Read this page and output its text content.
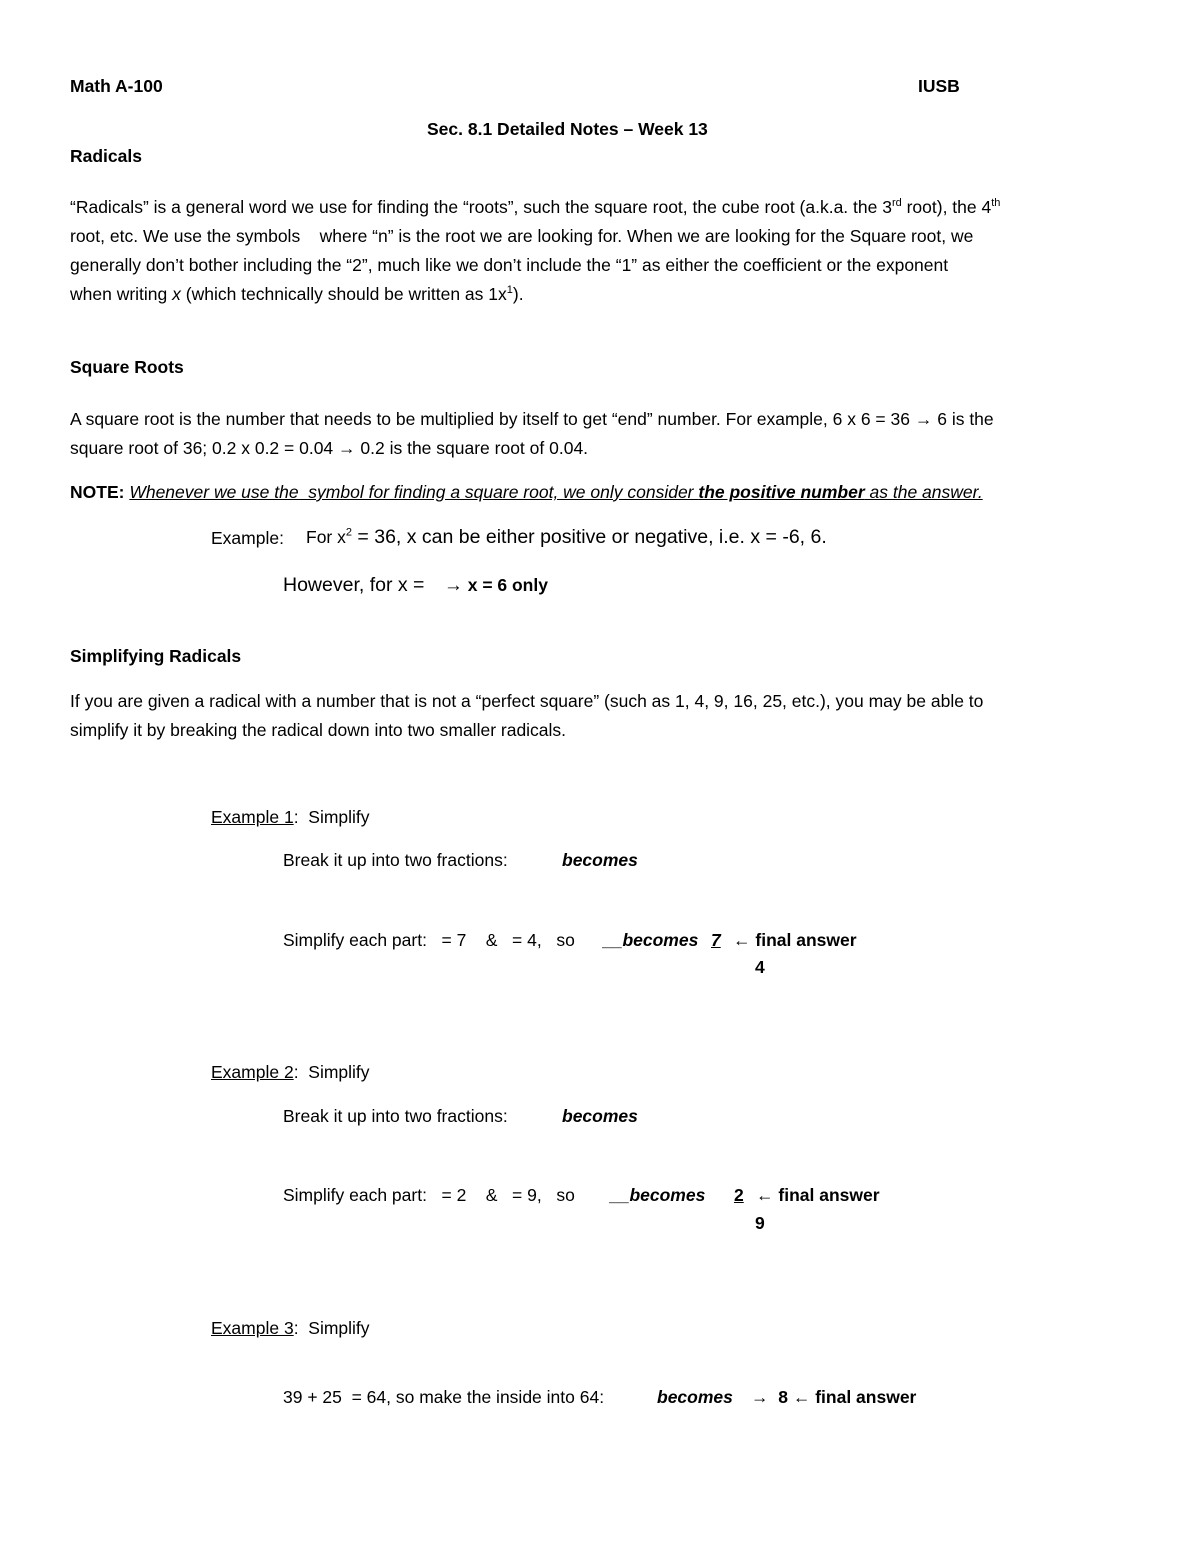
Math A-100	IUSB
Sec. 8.1 Detailed Notes – Week 13
Radicals
“Radicals” is a general word we use for finding the “roots”, such the square root, the cube root (a.k.a. the 3rd root), the 4th
root, etc. We use the symbols    where “n” is the root we are looking for. When we are looking for the Square root, we
generally don’t bother including the “2”, much like we don’t include the “1” as either the coefficient or the exponent
when writing x (which technically should be written as $1x^1$).
Square Roots
A square root is the number that needs to be multiplied by itself to get “end” number. For example, 6 x 6 = 36 → 6 is the
square root of 36; 0.2 x 0.2 = 0.04 → 0.2 is the square root of 0.04.
NOTE: Whenever we use the  symbol for finding a square root, we only consider the positive number as the answer.
Example: For $x^2 = 36$, x can be either positive or negative, i.e. x = -6, 6.
However, for x = → x = 6 only
Simplifying Radicals
If you are given a radical with a number that is not a “perfect square” (such as 1, 4, 9, 16, 25, etc.), you may be able to
simplify it by breaking the radical down into two smaller radicals.
Example 1:  Simplify
Break it up into two fractions:	becomes
Simplify each part:   = 7    &   = 4,   so __becomes 7 ← final answer
4
Example 2:  Simplify
Break it up into two fractions:	becomes
Simplify each part:   = 2    &   = 9,   so __becomes 2 ← final answer
9
Example 3:  Simplify
39 + 25  = 64, so make the inside into 64:	becomes → 8 ← final answer
